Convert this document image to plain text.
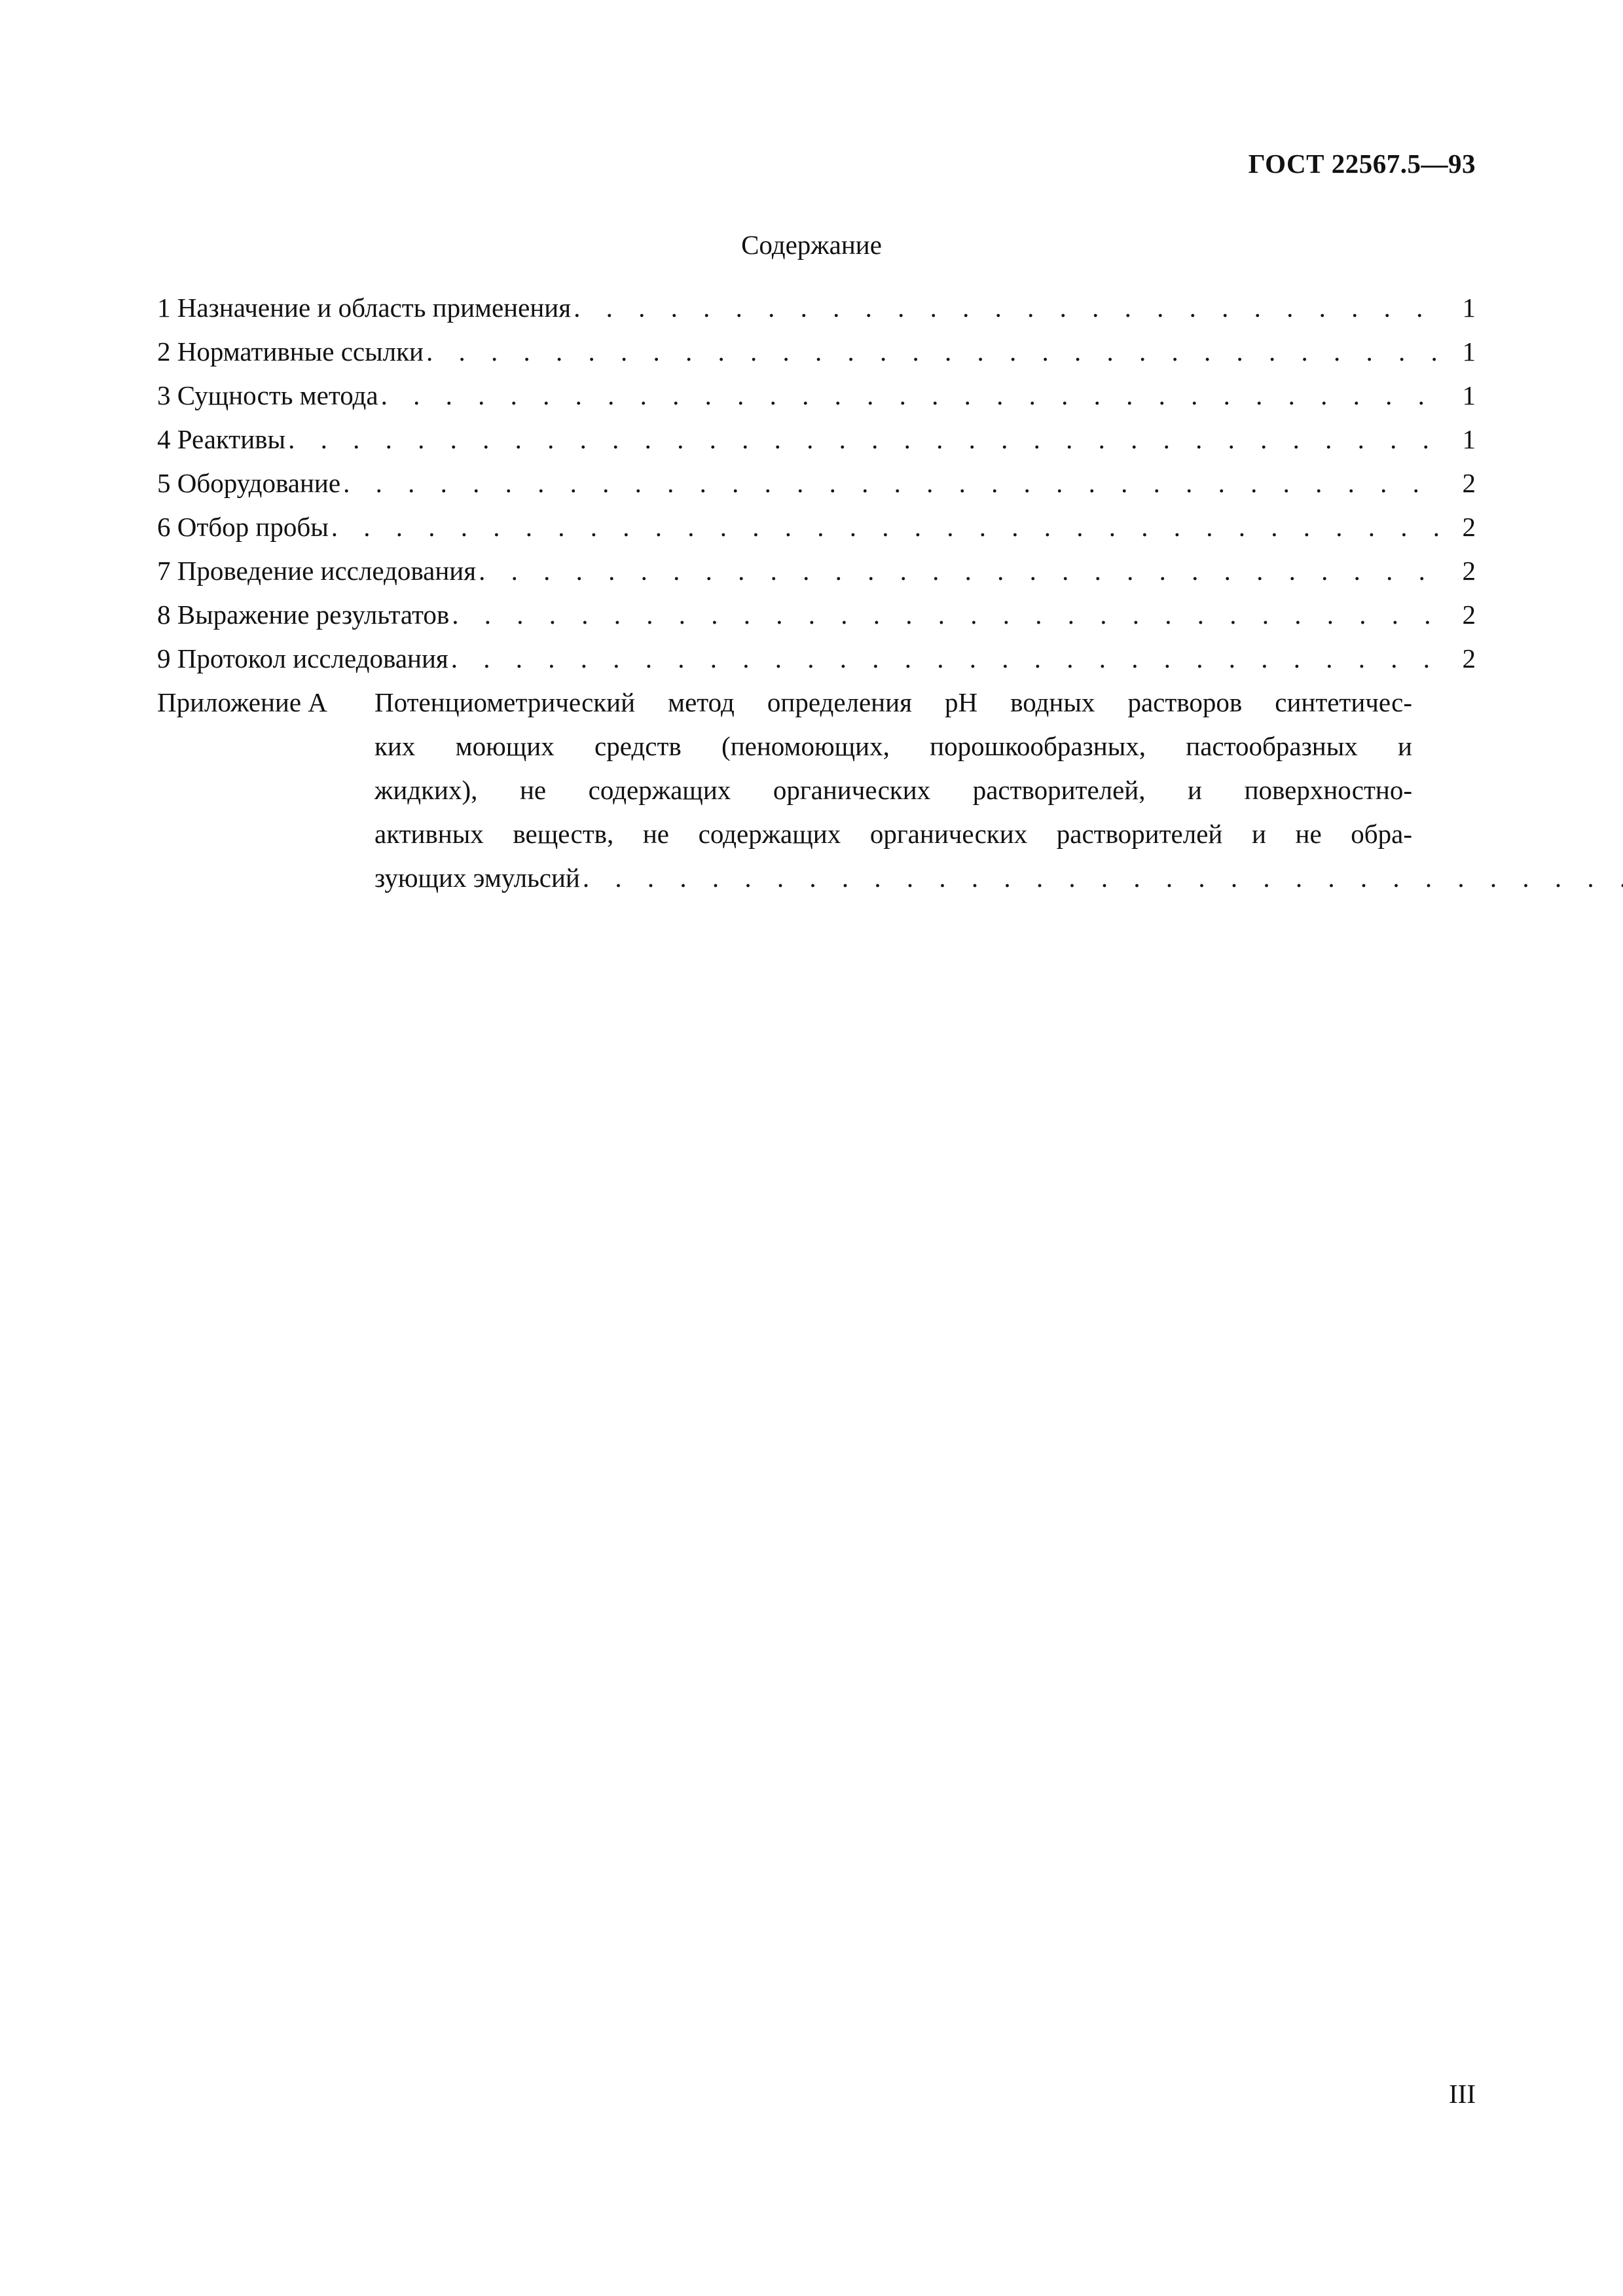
ГОСТ 22567.5—93
Содержание
1 Назначение и область применения . . .	1
2 Нормативные ссылки . . .	1
3 Сущность метода . . .	1
4 Реактивы . . .	1
5 Оборудование . . .	2
6 Отбор пробы . . .	2
7 Проведение исследования . . .	2
8 Выражение результатов . . .	2
9 Протокол исследования . . .	2
Приложение А	Потенциометрический метод определения pH водных растворов синтетичес-
ких моющих средств (пеномоющих, порошкообразных, пастообразных и
жидких), не содержащих органических растворителей, и поверхностно-
активных веществ, не содержащих органических растворителей и не обра-
зующих эмульсий
. . .
III
